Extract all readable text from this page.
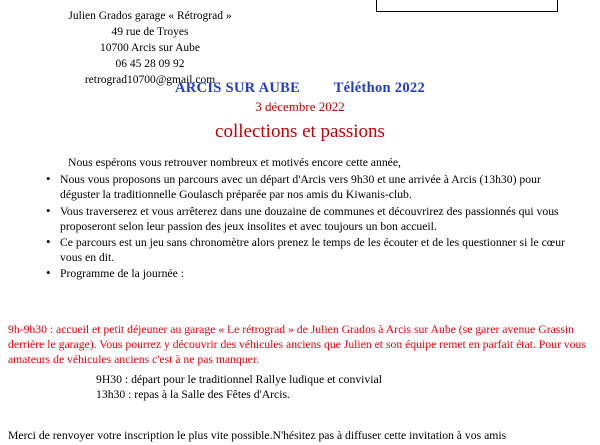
Julien Grados garage « Rétrograd »
49 rue de Troyes
10700 Arcis sur Aube
06 45 28 09 92
retrograd10700@gmail.com
ARCIS SUR AUBE Téléthon 2022
3 décembre 2022
collections et passions

Nous espérons vous retrouver nombreux et motivés encore cette année,

• Nous vous proposons un parcours avec un départ d'Arcis vers 9h30 et une arrivée à Arcis (13h30) pour déguster la traditionnelle Goulasch préparée par nos amis du Kiwanis-club.
• Vous traverserez et vous arrêterez dans une douzaine de communes et découvrirez des passionnés qui vous proposeront selon leur passion des jeux insolites et avec toujours un bon accueil.
• Ce parcours est un jeu sans chronomètre alors prenez le temps de les écouter et de les questionner si le cœur vous en dit.
• Programme de la journée :
9h-9h30 : accueil et petit déjeuner au garage « Le rétrograd » de Julien Grados à Arcis sur Aube (se garer avenue Grassin derrière le garage). Vous pourrez y découvrir des véhicules anciens que Julien et son équipe remet en parfait état. Pour vous amateurs de véhicules anciens c'est à ne pas manquer.
9H30 : départ pour le traditionnel Rallye ludique et convivial
13h30 : repas à la Salle des Fêtes d'Arcis.
Merci de renvoyer votre inscription le plus vite possible.N'hésitez pas à diffuser cette invitation à vos amis
